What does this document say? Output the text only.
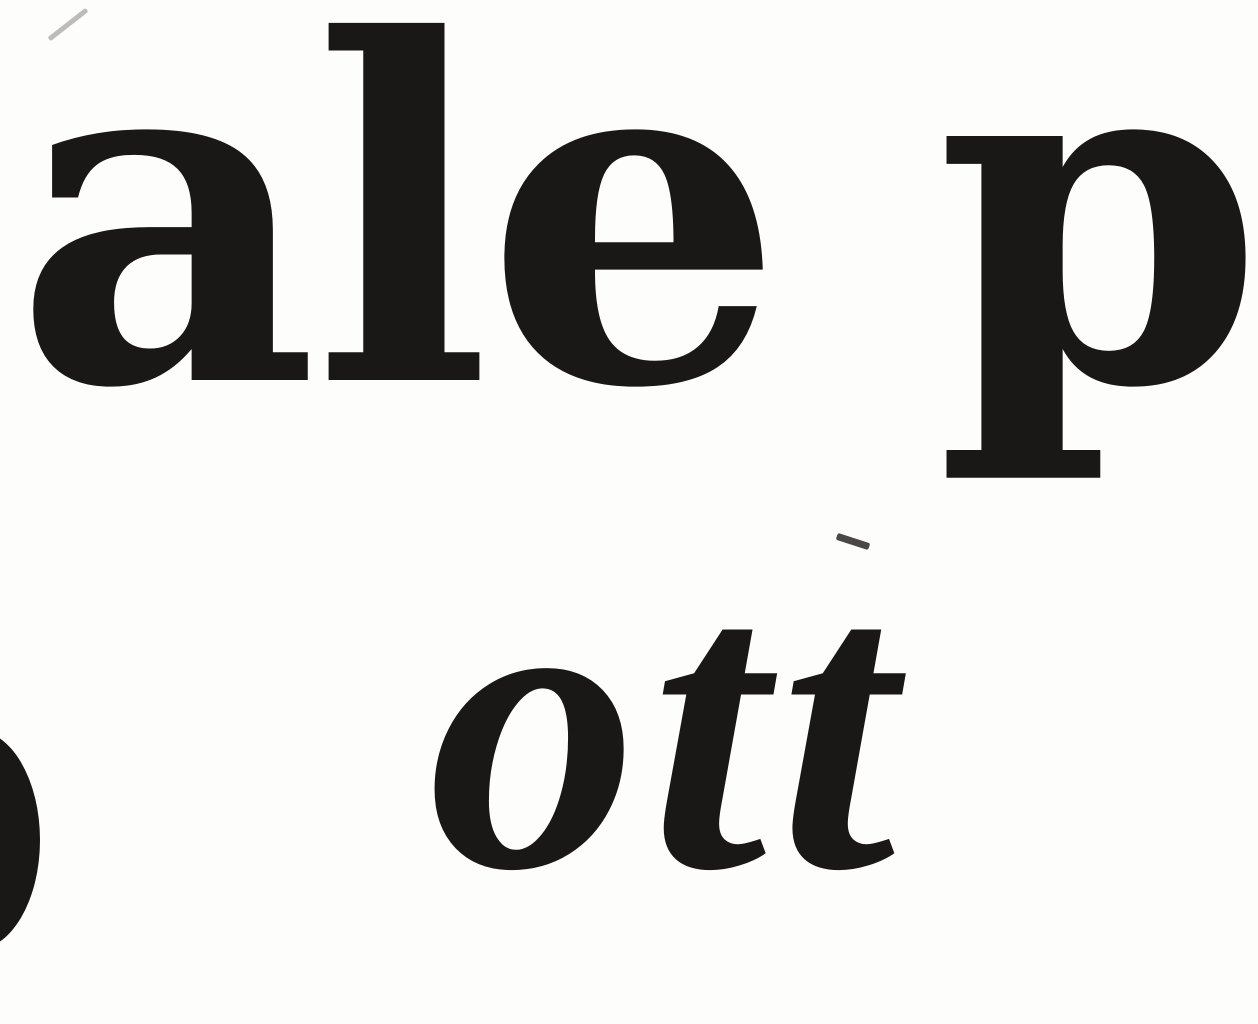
ale p
ott
